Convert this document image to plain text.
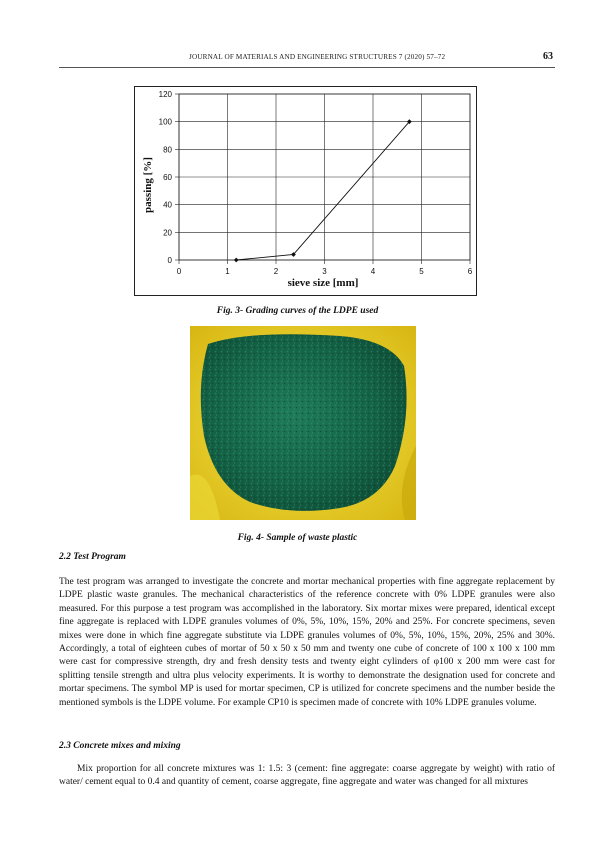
JOURNAL OF MATERIALS AND ENGINEERING STRUCTURES 7 (2020) 57–72	63
0
20
40
60
80
100
120
0	1	2	3	4	5	6
passing [%]
sieve size [mm]
Fig. 3- Grading curves of the LDPE used
Fig. 4- Sample of waste plastic
2.2 Test Program

The test program was arranged to investigate the concrete and mortar mechanical properties with fine aggregate replacement by LDPE plastic waste granules. The mechanical characteristics of the reference concrete with 0% LDPE granules were also measured. For this purpose a test program was accomplished in the laboratory. Six mortar mixes were prepared, identical except fine aggregate is replaced with LDPE granules volumes of 0%, 5%, 10%, 15%, 20% and 25%. For concrete specimens, seven mixes were done in which fine aggregate substitute via LDPE granules volumes of 0%, 5%, 10%, 15%, 20%, 25% and 30%. Accordingly, a total of eighteen cubes of mortar of 50 x 50 x 50 mm and twenty one cube of concrete of 100 x 100 x 100 mm were cast for compressive strength, dry and fresh density tests and twenty eight cylinders of φ100 x 200 mm were cast for splitting tensile strength and ultra plus velocity experiments. It is worthy to demonstrate the designation used for concrete and mortar specimens. The symbol MP is used for mortar specimen, CP is utilized for concrete specimens and the number beside the mentioned symbols is the LDPE volume. For example CP10 is specimen made of concrete with 10% LDPE granules volume.

2.3 Concrete mixes and mixing

Mix proportion for all concrete mixtures was 1: 1.5: 3 (cement: fine aggregate: coarse aggregate by weight) with ratio of water/ cement equal to 0.4 and quantity of cement, coarse aggregate, fine aggregate and water was changed for all mixtures
